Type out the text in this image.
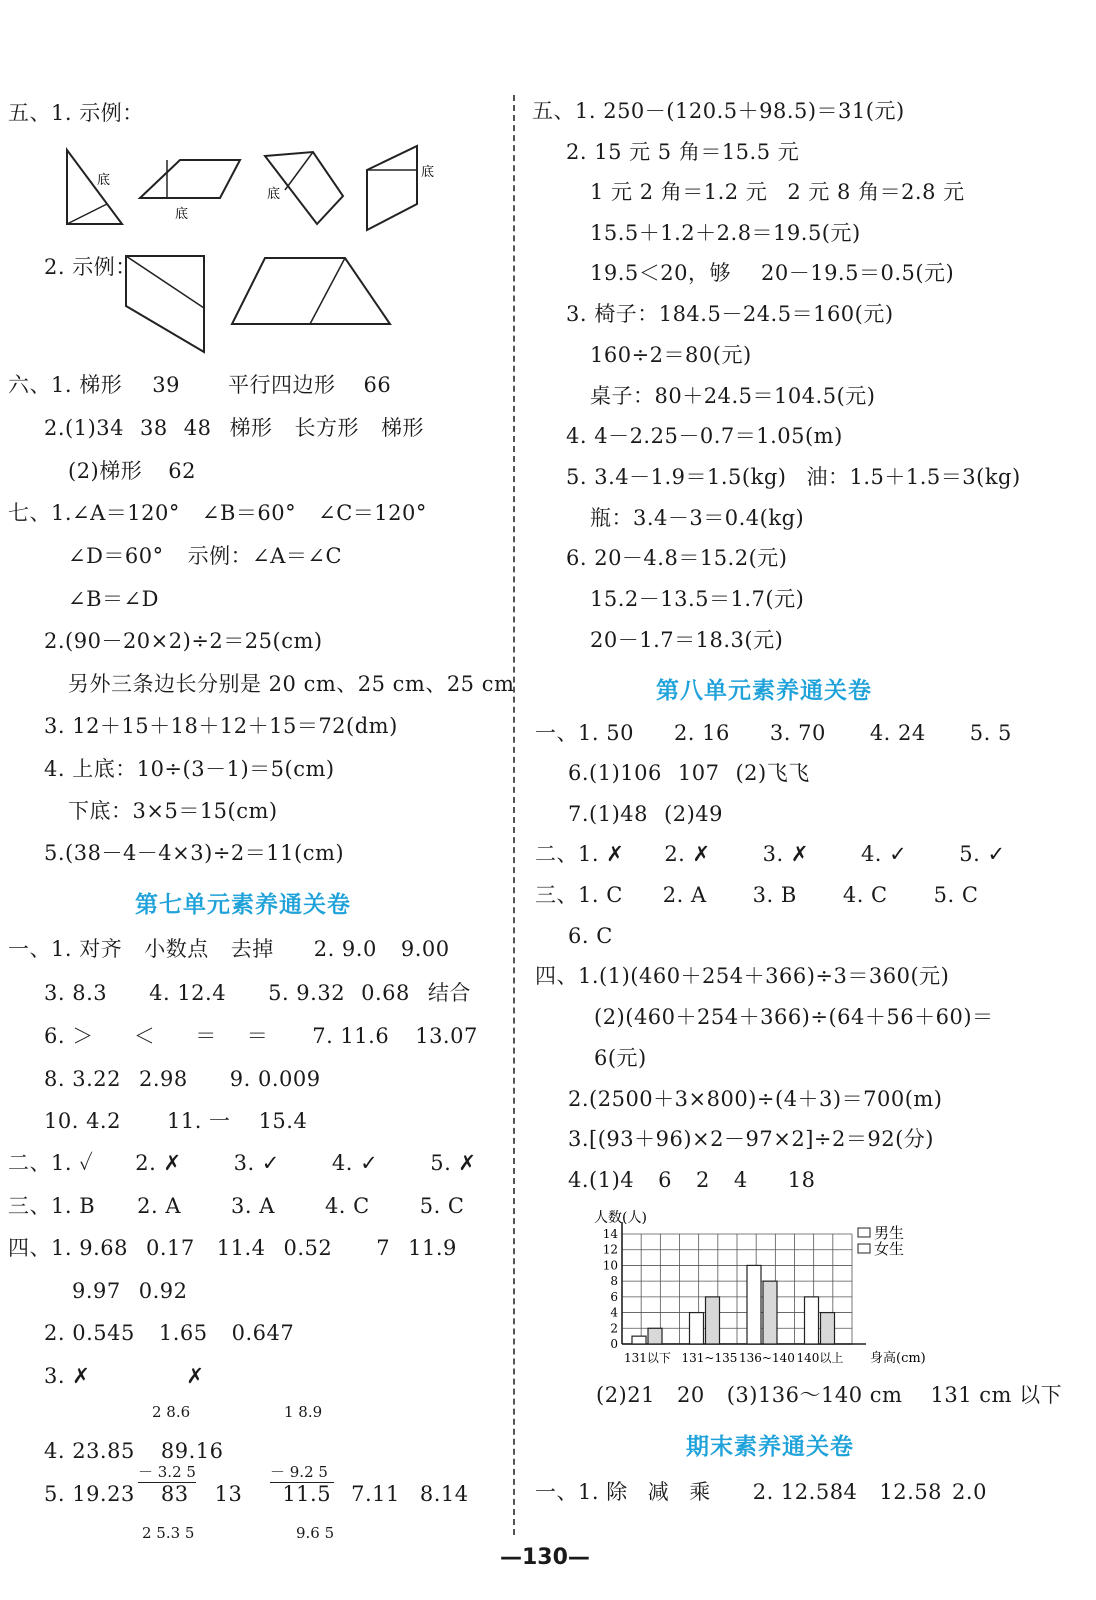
五、1. 示例：
底
底
底
底
2. 示例：
六、1. 梯形 39 平行四边形 66
2.(1)34 38 48 梯形 长方形 梯形
(2)梯形 62
七、1.∠A＝120° ∠B＝60° ∠C＝120°
∠D＝60° 示例：∠A＝∠C
∠B＝∠D
2.(90－20×2)÷2＝25(cm)
另外三条边长分别是 20 cm、25 cm、25 cm
3. 12＋15＋18＋12＋15＝72(dm)
4. 上底：10÷(3－1)＝5(cm)
下底：3×5＝15(cm)
5.(38－4－4×3)÷2＝11(cm)
第七单元素养通关卷
一、1. 对齐 小数点 去掉 2. 9.0 9.00
3. 8.3 4. 12.4 5. 9.32 0.68 结合
6. ＞ ＜ ＝ ＝ 7. 11.6 13.07
8. 3.22 2.98 9. 0.009
10. 4.2 11. 一 15.4
二、1. ✓ 2. ✗ 3. ✓ 4. ✓ 5. ✗
三、1. B 2. A 3. A 4. C 5. C
四、1. 9.68 0.17 11.4 0.52 7 11.9
9.97 0.92
2. 0.545 1.65 0.647
3. ✗	✗

2 8.6

－ 3.2 5

2 5.3 5

1 8.9

－ 9.2 5

9.6 5

4. 23.85 89.16
5. 19.23 83 13 11.5 7.11 8.14
五、1. 250－(120.5＋98.5)＝31(元)
2. 15 元 5 角＝15.5 元
1 元 2 角＝1.2 元 2 元 8 角＝2.8 元
15.5＋1.2＋2.8＝19.5(元)
19.5＜20，够 20－19.5＝0.5(元)
3. 椅子：184.5－24.5＝160(元)
160÷2＝80(元)
桌子：80＋24.5＝104.5(元)
4. 4－2.25－0.7＝1.05(m)
5. 3.4－1.9＝1.5(kg) 油：1.5＋1.5＝3(kg)
瓶：3.4－3＝0.4(kg)
6. 20－4.8＝15.2(元)
15.2－13.5＝1.7(元)
20－1.7＝18.3(元)
第八单元素养通关卷
一、1. 50 2. 16 3. 70 4. 24 5. 5
6.(1)106 107 (2)飞飞
7.(1)48 (2)49
二、1. ✗ 2. ✗ 3. ✗ 4. ✓ 5. ✓
三、1. C 2. A 3. B 4. C 5. C
6. C
四、1.(1)(460＋254＋366)÷3＝360(元)
(2)(460＋254＋366)÷(64＋56＋60)＝
6(元)
2.(2500＋3×800)÷(4＋3)＝700(m)
3.[(93＋96)×2－97×2]÷2＝92(分)
4.(1)4 6 2 4 18
人数(人)
0
2
4
6
8
10
12
14
131以下 131~135 136~140 140以上 身高(cm)
男生
女生
(2)21 20 (3)136～140 cm 131 cm 以下
期末素养通关卷
一、1. 除 减 乘 2. 12.584 12.58 2.0
—130—
